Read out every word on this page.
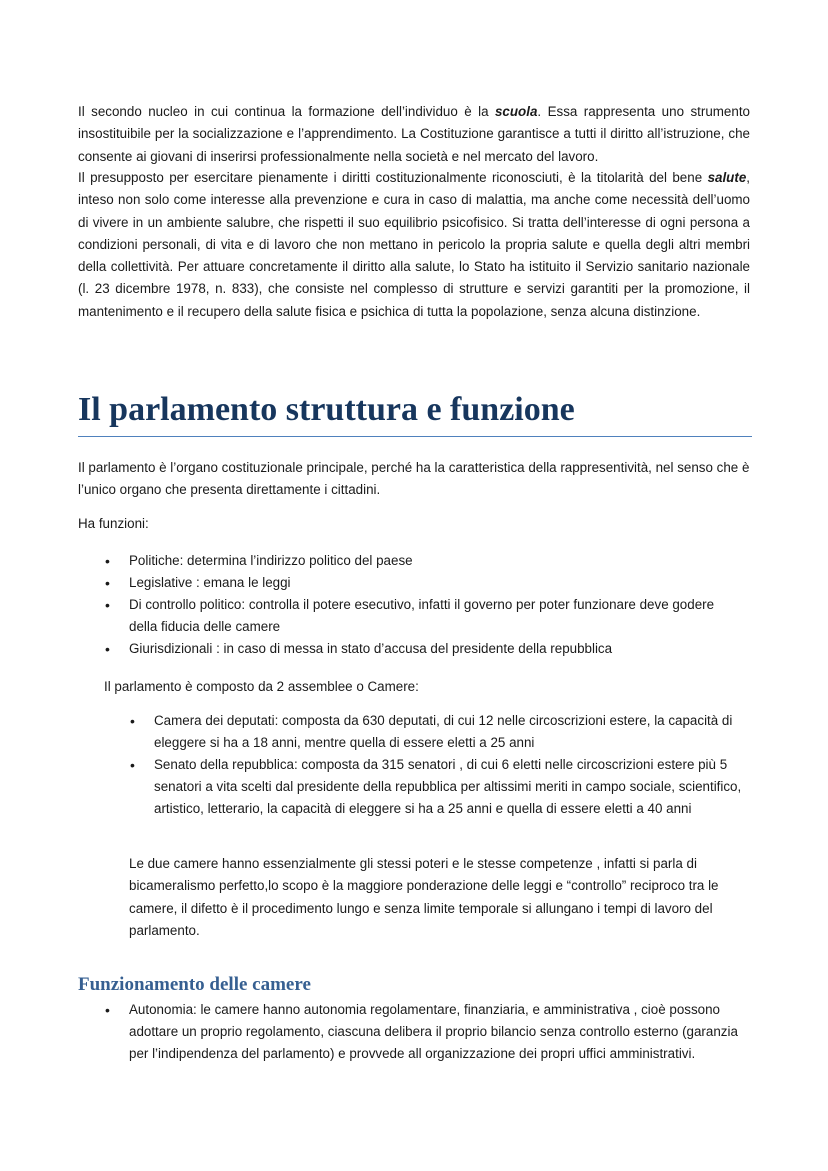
Il secondo nucleo in cui continua la formazione dell’individuo è la scuola. Essa rappresenta uno strumento insostituibile per la socializzazione e l’apprendimento. La Costituzione garantisce a tutti il diritto all’istruzione, che consente ai giovani di inserirsi professionalmente nella società e nel mercato del lavoro.

Il presupposto per esercitare pienamente i diritti costituzionalmente riconosciuti, è la titolarità del bene salute, inteso non solo come interesse alla prevenzione e cura in caso di malattia, ma anche come necessità dell’uomo di vivere in un ambiente salubre, che rispetti il suo equilibrio psicofisico. Si tratta dell’interesse di ogni persona a condizioni personali, di vita e di lavoro che non mettano in pericolo la propria salute e quella degli altri membri della collettività. Per attuare concretamente il diritto alla salute, lo Stato ha istituito il Servizio sanitario nazionale (l. 23 dicembre 1978, n. 833), che consiste nel complesso di strutture e servizi garantiti per la promozione, il mantenimento e il recupero della salute fisica e psichica di tutta la popolazione, senza alcuna distinzione.

Il parlamento struttura e funzione

Il parlamento è l’organo costituzionale principale, perché ha la caratteristica della rappresentività, nel senso che è l’unico organo che presenta direttamente i cittadini.

Ha funzioni:

• Politiche: determina l’indirizzo politico del paese
• Legislative : emana le leggi
• Di controllo politico: controlla il potere esecutivo, infatti il governo per poter funzionare deve godere della fiducia delle camere
• Giurisdizionali : in caso di messa in stato d’accusa del presidente della repubblica

Il parlamento è composto da 2 assemblee o Camere:

• Camera dei deputati: composta da 630 deputati, di cui 12 nelle circoscrizioni estere, la capacità di eleggere si ha a 18 anni, mentre quella di essere eletti a 25 anni
• Senato della repubblica: composta da 315 senatori , di cui 6 eletti nelle circoscrizioni estere più 5 senatori a vita scelti dal presidente della repubblica per altissimi meriti in campo sociale, scientifico, artistico, letterario, la capacità di eleggere si ha a 25 anni e quella di essere eletti a 40 anni

Le due camere hanno essenzialmente gli stessi poteri e le stesse competenze , infatti si parla di bicameralismo perfetto,lo scopo è la maggiore ponderazione delle leggi e “controllo” reciproco tra le camere, il difetto è il procedimento lungo e senza limite temporale si allungano i tempi di lavoro del parlamento.

Funzionamento delle camere
• Autonomia: le camere hanno autonomia regolamentare, finanziaria, e amministrativa , cioè possono adottare un proprio regolamento, ciascuna delibera il proprio bilancio senza controllo esterno (garanzia per l’indipendenza del parlamento) e provvede all organizzazione dei propri uffici amministrativi.
